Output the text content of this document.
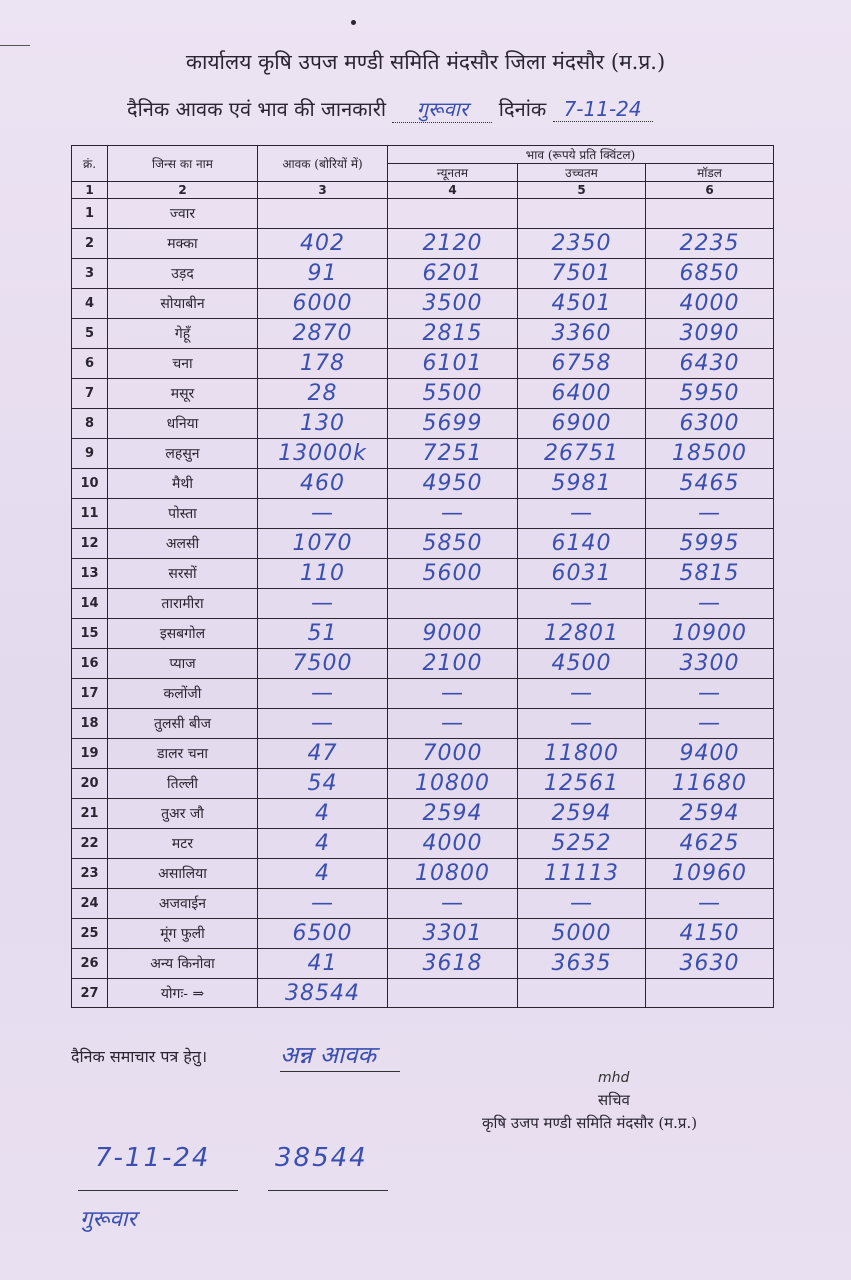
कार्यालय कृषि उपज मण्डी समिति मंदसौर जिला मंदसौर (म.प्र.)
दैनिक आवक एवं भाव की जानकारी गुरूवार दिनांक 7-11-24
क्रं.	जिन्स का नाम	आवक (बोरियों में)	भाव (रूपये प्रति क्विंटल)		
			न्यूनतम	उच्चतम	मॉडल
1	2	3	4	5	6
1	ज्वार				
2	मक्का	402	2120	2350	2235
3	उड़द	91	6201	7501	6850
4	सोयाबीन	6000	3500	4501	4000
5	गेहूँ	2870	2815	3360	3090
6	चना	178	6101	6758	6430
7	मसूर	28	5500	6400	5950
8	धनिया	130	5699	6900	6300
9	लहसुन	13000k	7251	26751	18500
10	मैथी	460	4950	5981	5465
11	पोस्ता	—	—	—	—
12	अलसी	1070	5850	6140	5995
13	सरसों	110	5600	6031	5815
14	तारामीरा	—		—	—
15	इसबगोल	51	9000	12801	10900
16	प्याज	7500	2100	4500	3300
17	कलोंजी	—	—	—	—
18	तुलसी बीज	—	—	—	—
19	डालर चना	47	7000	11800	9400
20	तिल्ली	54	10800	12561	11680
21	तुअर जौ	4	2594	2594	2594
22	मटर	4	4000	5252	4625
23	असालिया	4	10800	11113	10960
24	अजवाईन	—	—	—	—
25	मूंग फुली	6500	3301	5000	4150
26	अन्य किनोवा	41	3618	3635	3630
27	योगः- ⇒	38544			
दैनिक समाचार पत्र हेतु।	अन्न आवक
mhd
सचिव
कृषि उजप मण्डी समिति मंदसौर (म.प्र.)
7-11-24 38544
गुरूवार
